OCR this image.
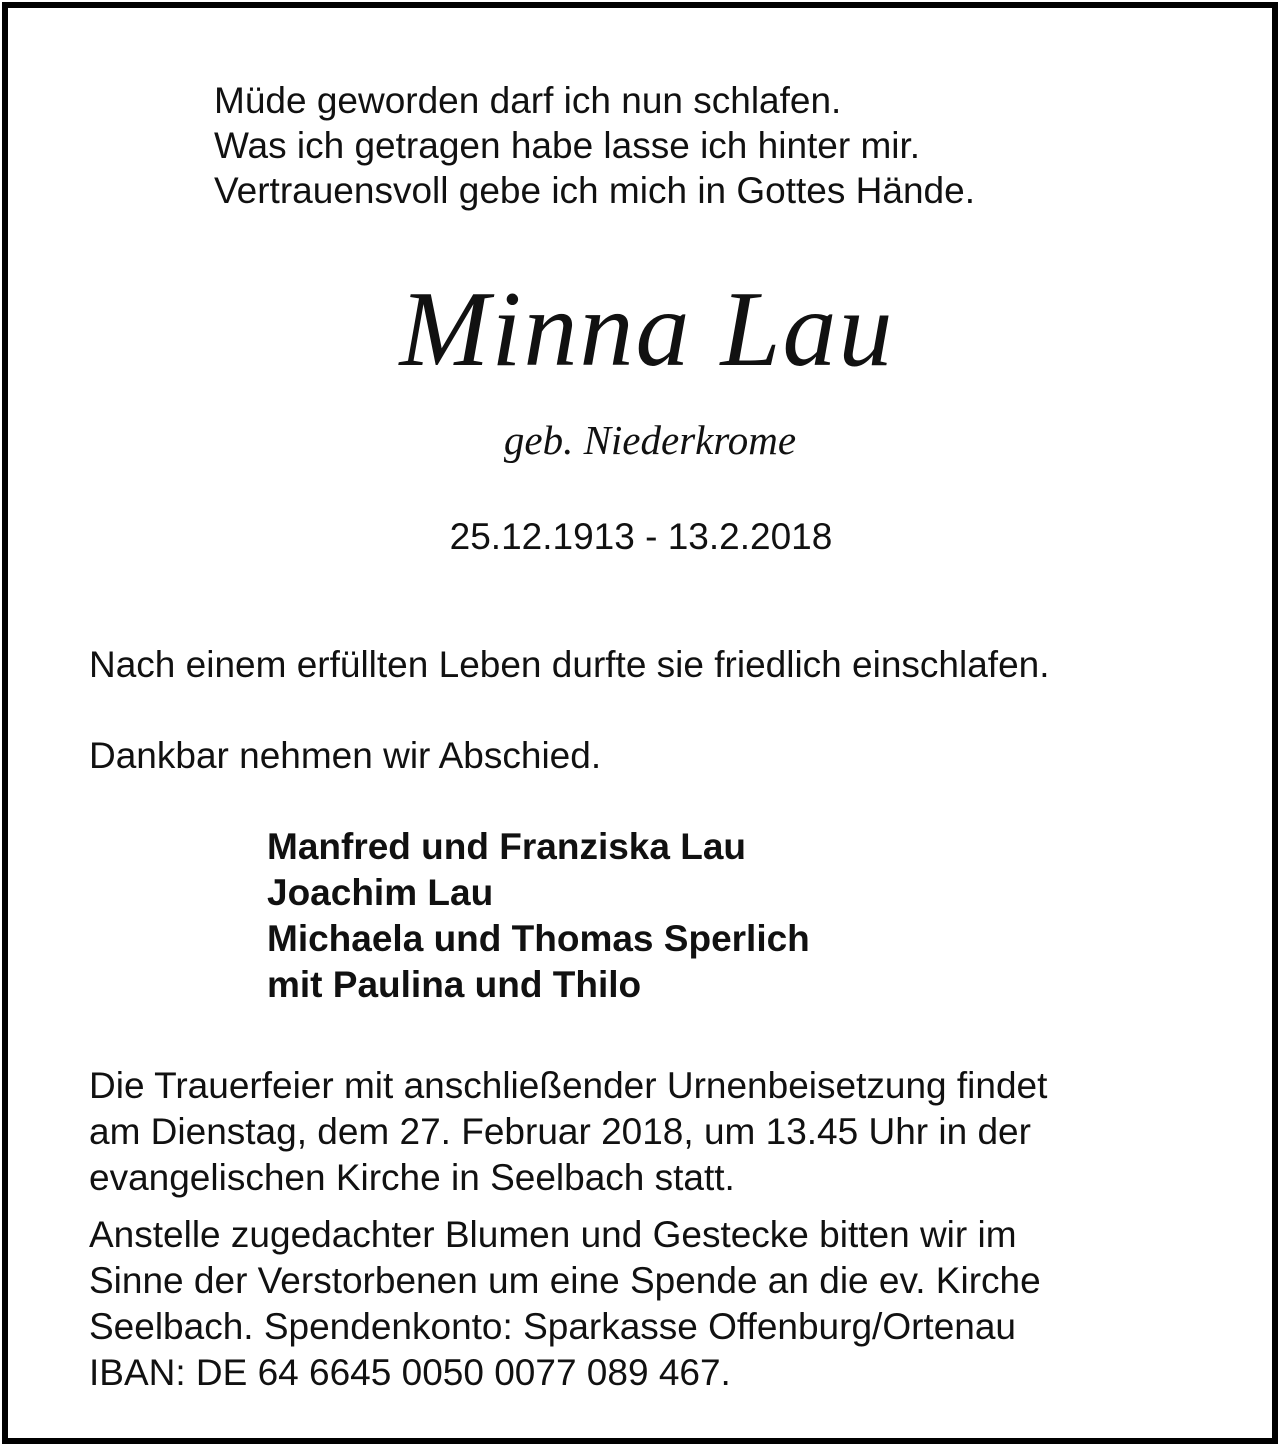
Müde geworden darf ich nun schlafen.

Was ich getragen habe lasse ich hinter mir.

Vertrauensvoll gebe ich mich in Gottes Hände.

Minna Lau

geb. Niederkrome

25.12.1913 - 13.2.2018

Nach einem erfüllten Leben durfte sie friedlich einschlafen.

Dankbar nehmen wir Abschied.

Manfred und Franziska Lau

Joachim Lau

Michaela und Thomas Sperlich

mit Paulina und Thilo

Die Trauerfeier mit anschließender Urnenbeisetzung findet

am Dienstag, dem 27. Februar 2018, um 13.45 Uhr in der

evangelischen Kirche in Seelbach statt.

Anstelle zugedachter Blumen und Gestecke bitten wir im

Sinne der Verstorbenen um eine Spende an die ev. Kirche

Seelbach. Spendenkonto: Sparkasse Offenburg/Ortenau

IBAN: DE 64 6645 0050 0077 089 467.
